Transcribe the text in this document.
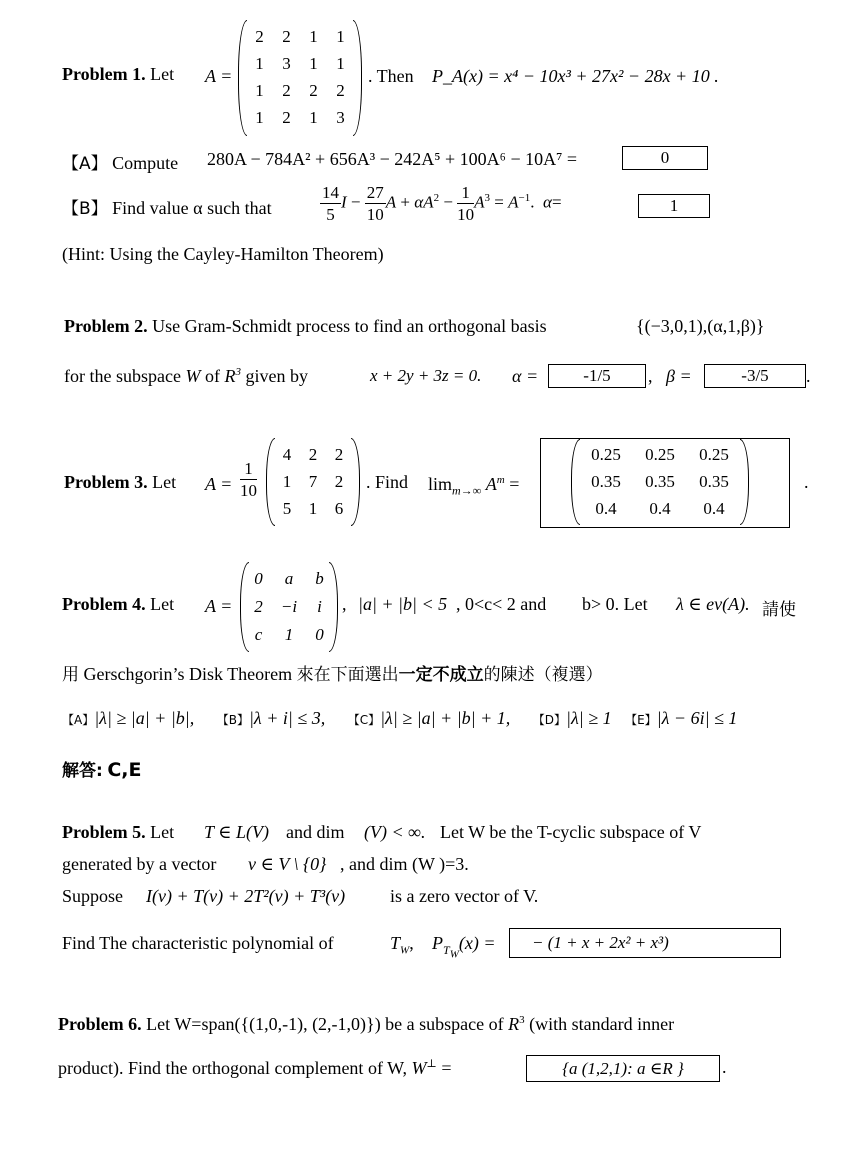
Problem 1. Let A =
2	2	1	1
1	3	1	1
1	2	2	2
1	2	1	3
. Then P_A(x) = x⁴ − 10x³ + 27x² − 28x + 10 .
【A】 Compute 280A − 784A² + 656A³ − 242A⁵ + 100A⁶ − 10A⁷ =	0
【B】 Find value α such that	$\frac{14}{5}$ $I - \frac{27}{10}$ $A + \alpha A^2 - \frac{1}{10} A^3 = A^{-1}$.  α=	1
(Hint: Using the Cayley-Hamilton Theorem)
Problem 2. Use Gram-Schmidt process to find an orthogonal basis	{(−3,0,1),(α,1,β)}
for the subspace W of $R^3$ given by	x + 2y + 3z = 0. α =	-1/5	, β =	-3/5	.
Problem 3. Let $A = \frac{1}{10}$
4	2	2
1	7	2
5	1	6
. Find $\lim_{m\to\infty} A^m$ =
0.25	0.25	0.25
0.35	0.35	0.35
0.4	0.4	0.4
.
Problem 4. Let A =
0	a	b
2	−i	i
c	1	0
, |a| + |b| < 5 , 0<c< 2 and b> 0. Let λ ∈ ev(A). 請使
用 Gerschgorin’s Disk Theorem 來在下面選出一定不成立的陳述（複選）
【A】|λ| ≥ |a| + |b|, 【B】|λ + i| ≤ 3, 【C】|λ| ≥ |a| + |b| + 1, 【D】|λ| ≥ 1 【E】|λ − 6i| ≤ 1
解答: C,E
Problem 5. Let T ∈ L(V) and dim (V) < ∞. Let W be the T-cyclic subspace of V
generated by a vector v ∈ V \ {0} , and dim (W )=3.
Suppose I(v) + T(v) + 2T²(v) + T³(v) is a zero vector of V.
Find The characteristic polynomial of	$T_W$, $P_{T_W}(x)$ =	− (1 + x + 2x² + x³)
Problem 6. Let W=span({(1,0,-1), (2,-1,0)}) be a subspace of $R^3$ (with standard inner
product). Find the orthogonal complement of W, W⊥ =	{a (1,2,1): a ∈R }	.
